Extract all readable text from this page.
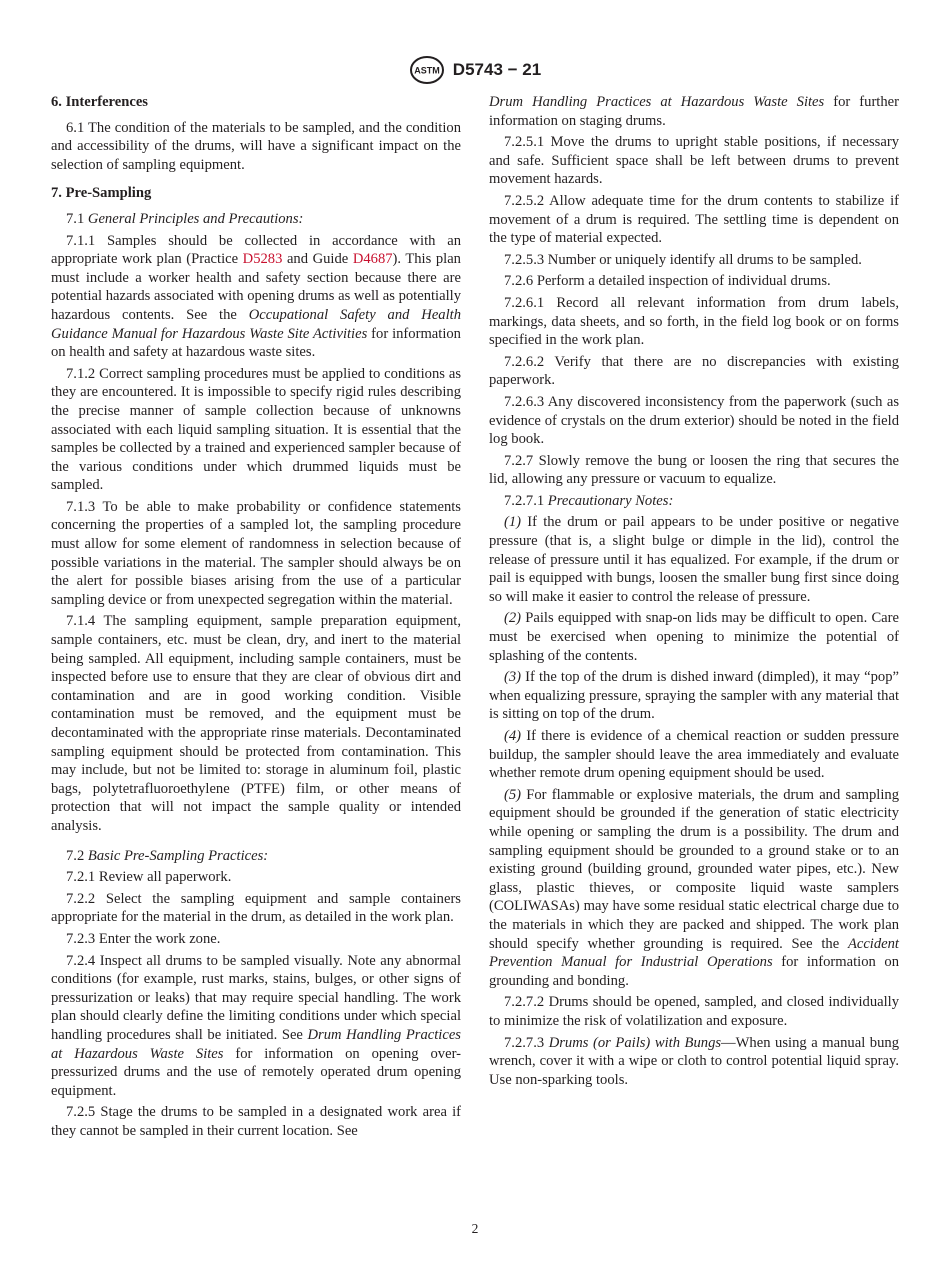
ASTM D5743 − 21
6. Interferences

6.1 The condition of the materials to be sampled, and the condition and accessibility of the drums, will have a significant impact on the selection of sampling equipment.

7. Pre-Sampling

7.1 General Principles and Precautions:

7.1.1 Samples should be collected in accordance with an appropriate work plan (Practice D5283 and Guide D4687). This plan must include a worker health and safety section because there are potential hazards associated with opening drums as well as potentially hazardous contents. See the Occupational Safety and Health Guidance Manual for Hazardous Waste Site Activities for information on health and safety at hazardous waste sites.

7.1.2 Correct sampling procedures must be applied to conditions as they are encountered. It is impossible to specify rigid rules describing the precise manner of sample collection because of unknowns associated with each liquid sampling situation. It is essential that the samples be collected by a trained and experienced sampler because of the various conditions under which drummed liquids must be sampled.

7.1.3 To be able to make probability or confidence statements concerning the properties of a sampled lot, the sampling procedure must allow for some element of randomness in selection because of possible variations in the material. The sampler should always be on the alert for possible biases arising from the use of a particular sampling device or from unexpected segregation within the material.

7.1.4 The sampling equipment, sample preparation equipment, sample containers, etc. must be clean, dry, and inert to the material being sampled. All equipment, including sample containers, must be inspected before use to ensure that they are clear of obvious dirt and contamination and are in good working condition. Visible contamination must be removed, and the equipment must be decontaminated with the appropriate rinse materials. Decontaminated sampling equipment should be protected from contamination. This may include, but not be limited to: storage in aluminum foil, plastic bags, polytetrafluoroethylene (PTFE) film, or other means of protection that will not impact the sample quality or intended analysis.

7.2 Basic Pre-Sampling Practices:

7.2.1 Review all paperwork.

7.2.2 Select the sampling equipment and sample containers appropriate for the material in the drum, as detailed in the work plan.

7.2.3 Enter the work zone.

7.2.4 Inspect all drums to be sampled visually. Note any abnormal conditions (for example, rust marks, stains, bulges, or other signs of pressurization or leaks) that may require special handling. The work plan should clearly define the limiting conditions under which special handling procedures shall be initiated. See Drum Handling Practices at Hazardous Waste Sites for information on opening over-pressurized drums and the use of remotely operated drum opening equipment.

7.2.5 Stage the drums to be sampled in a designated work area if they cannot be sampled in their current location. See

Drum Handling Practices at Hazardous Waste Sites for further information on staging drums.

7.2.5.1 Move the drums to upright stable positions, if necessary and safe. Sufficient space shall be left between drums to prevent movement hazards.

7.2.5.2 Allow adequate time for the drum contents to stabilize if movement of a drum is required. The settling time is dependent on the type of material expected.

7.2.5.3 Number or uniquely identify all drums to be sampled.

7.2.6 Perform a detailed inspection of individual drums.

7.2.6.1 Record all relevant information from drum labels, markings, data sheets, and so forth, in the field log book or on forms specified in the work plan.

7.2.6.2 Verify that there are no discrepancies with existing paperwork.

7.2.6.3 Any discovered inconsistency from the paperwork (such as evidence of crystals on the drum exterior) should be noted in the field log book.

7.2.7 Slowly remove the bung or loosen the ring that secures the lid, allowing any pressure or vacuum to equalize.

7.2.7.1 Precautionary Notes:

(1) If the drum or pail appears to be under positive or negative pressure (that is, a slight bulge or dimple in the lid), control the release of pressure until it has equalized. For example, if the drum or pail is equipped with bungs, loosen the smaller bung first since doing so will make it easier to control the release of pressure.

(2) Pails equipped with snap-on lids may be difficult to open. Care must be exercised when opening to minimize the potential of splashing of the contents.

(3) If the top of the drum is dished inward (dimpled), it may “pop” when equalizing pressure, spraying the sampler with any material that is sitting on top of the drum.

(4) If there is evidence of a chemical reaction or sudden pressure buildup, the sampler should leave the area immediately and evaluate whether remote drum opening equipment should be used.

(5) For flammable or explosive materials, the drum and sampling equipment should be grounded if the generation of static electricity while opening or sampling the drum is a possibility. The drum and sampling equipment should be grounded to a ground stake or to an existing ground (building ground, grounded water pipes, etc.). New glass, plastic thieves, or composite liquid waste samplers (COLIWASAs) may have some residual static electrical charge due to the materials in which they are packed and shipped. The work plan should specify whether grounding is required. See the Accident Prevention Manual for Industrial Operations for information on grounding and bonding.

7.2.7.2 Drums should be opened, sampled, and closed individually to minimize the risk of volatilization and exposure.

7.2.7.3 Drums (or Pails) with Bungs—When using a manual bung wrench, cover it with a wipe or cloth to control potential liquid spray. Use non-sparking tools.

2
